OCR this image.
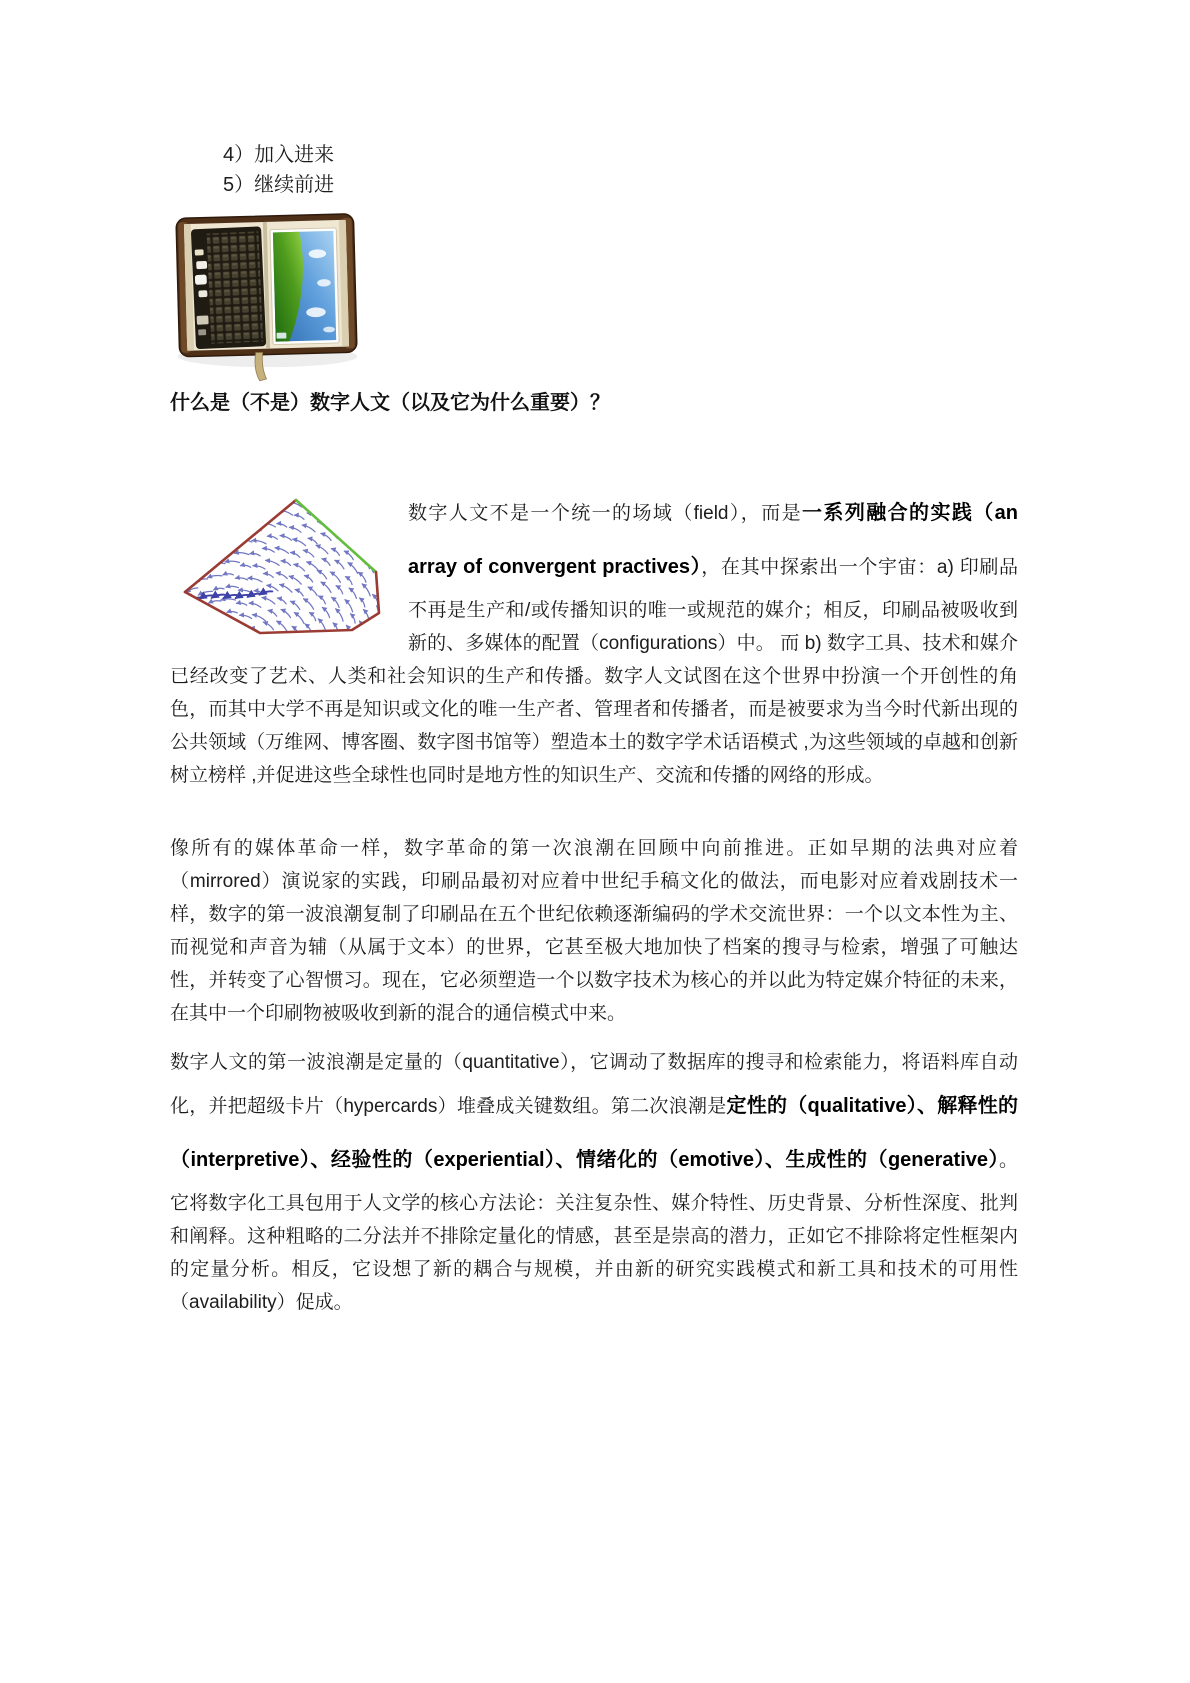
4）加入进来
5）继续前进
什么是（不是）数字人文（以及它为什么重要）？

数字人文不是一个统一的场域（field），而是一系列融合的实践（an array of convergent practives），在其中探索出一个宇宙：a) 印刷品不再是生产和/或传播知识的唯一或规范的媒介；相反，印刷品被吸收到新的、多媒体的配置（configurations）中。 而 b) 数字工具、技术和媒介已经改变了艺术、人类和社会知识的生产和传播。数字人文试图在这个世界中扮演一个开创性的角色，而其中大学不再是知识或文化的唯一生产者、管理者和传播者，而是被要求为当今时代新出现的公共领域（万维网、博客圈、数字图书馆等）塑造本土的数字学术话语模式 ,为这些领域的卓越和创新树立榜样 ,并促进这些全球性也同时是地方性的知识生产、交流和传播的网络的形成。

像所有的媒体革命一样，数字革命的第一次浪潮在回顾中向前推进。正如早期的法典对应着（mirrored）演说家的实践，印刷品最初对应着中世纪手稿文化的做法，而电影对应着戏剧技术一样，数字的第一波浪潮复制了印刷品在五个世纪依赖逐渐编码的学术交流世界：一个以文本性为主、而视觉和声音为辅（从属于文本）的世界，它甚至极大地加快了档案的搜寻与检索，增强了可触达性，并转变了心智惯习。现在，它必须塑造一个以数字技术为核心的并以此为特定媒介特征的未来，在其中一个印刷物被吸收到新的混合的通信模式中来。

数字人文的第一波浪潮是定量的（quantitative），它调动了数据库的搜寻和检索能力，将语料库自动化，并把超级卡片（hypercards）堆叠成关键数组。第二次浪潮是定性的（qualitative）、解释性的（interpretive）、经验性的（experiential）、情绪化的（emotive）、生成性的（generative）。它将数字化工具包用于人文学的核心方法论：关注复杂性、媒介特性、历史背景、分析性深度、批判和阐释。这种粗略的二分法并不排除定量化的情感，甚至是崇高的潜力，正如它不排除将定性框架内的定量分析。相反，它设想了新的耦合与规模，并由新的研究实践模式和新工具和技术的可用性（availability）促成。
